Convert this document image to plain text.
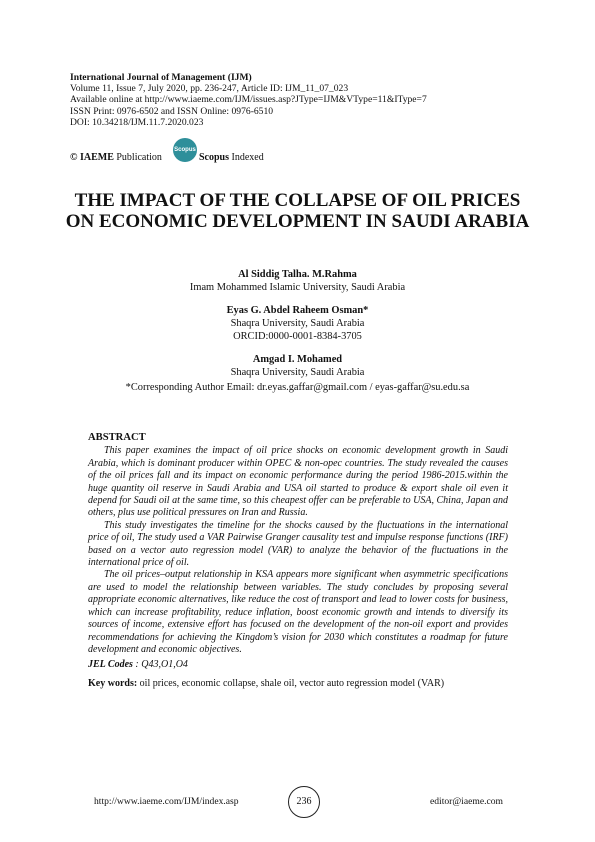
International Journal of Management (IJM)
Volume 11, Issue 7, July 2020, pp. 236-247, Article ID: IJM_11_07_023
Available online at http://www.iaeme.com/IJM/issues.asp?JType=IJM&VType=11&IType=7
ISSN Print: 0976-6502 and ISSN Online: 0976-6510
DOI: 10.34218/IJM.11.7.2020.023
© IAEME Publication
Scopus
Scopus Indexed
THE IMPACT OF THE COLLAPSE OF OIL PRICES ON ECONOMIC DEVELOPMENT IN SAUDI ARABIA
Al Siddig Talha. M.Rahma
Imam Mohammed Islamic University, Saudi Arabia
Eyas G. Abdel Raheem Osman*
Shaqra University, Saudi Arabia
ORCID:0000-0001-8384-3705
Amgad I. Mohamed
Shaqra University, Saudi Arabia
*Corresponding Author Email: dr.eyas.gaffar@gmail.com / eyas-gaffar@su.edu.sa
ABSTRACT

This paper examines the impact of oil price shocks on economic development growth in Saudi Arabia, which is dominant producer within OPEC & non-opec countries. The study revealed the causes of the oil prices fall and its impact on economic performance during the period 1986-2015.within the huge quantity oil reserve in Saudi Arabia and USA oil started to produce & export shale oil even it depend for Saudi oil at the same time, so this cheapest offer can be preferable to USA, China, Japan and others, plus use political pressures on Iran and Russia.

This study investigates the timeline for the shocks caused by the fluctuations in the international price of oil, The study used a VAR Pairwise Granger causality test and impulse response functions (IRF) based on a vector auto regression model (VAR) to analyze the behavior of the fluctuations in the international price of oil.

The oil prices–output relationship in KSA appears more significant when asymmetric specifications are used to model the relationship between variables. The study concludes by proposing several appropriate economic alternatives, like reduce the cost of transport and lead to lower costs for business, which can increase profitability, reduce inflation, boost economic growth and intends to diversify its sources of income, extensive effort has focused on the development of the non-oil export and provides recommendations for achieving the Kingdom’s vision for 2030 which constitutes a roadmap for future development and economic objectives.

JEL Codes : Q43,O1,O4
Key words: oil prices, economic collapse, shale oil, vector auto regression model (VAR)
http://www.iaeme.com/IJM/index.asp	236	editor@iaeme.com
